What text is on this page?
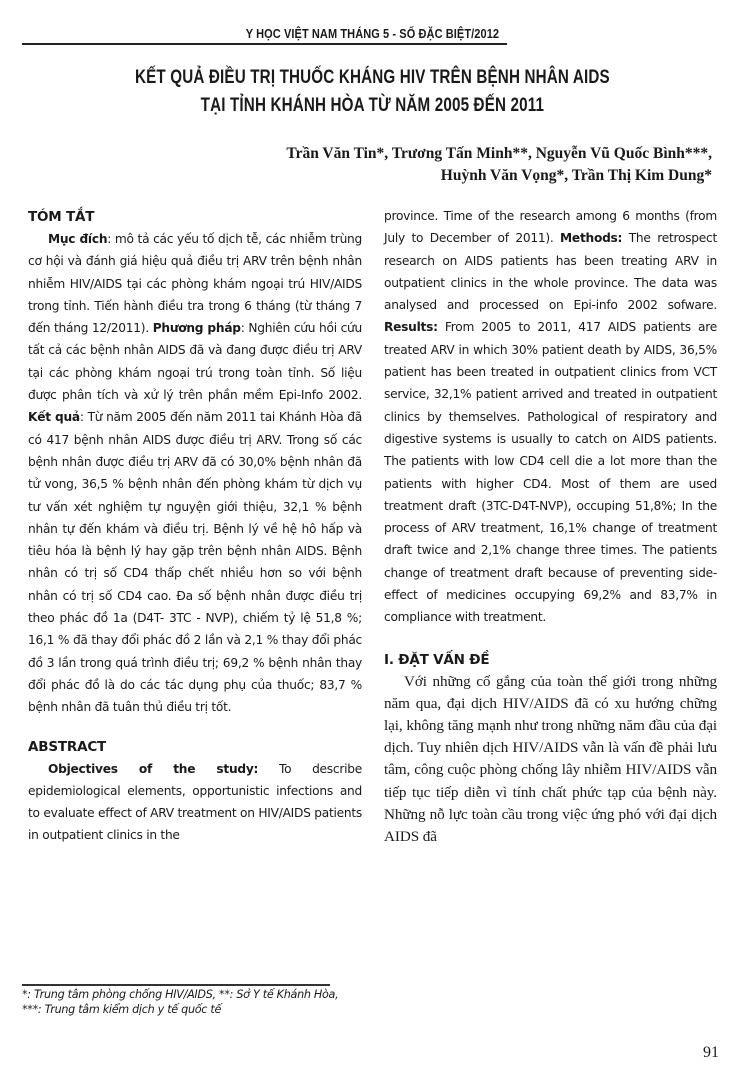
Y HỌC VIỆT NAM THÁNG 5 - SỐ ĐẶC BIỆT/2012
KẾT QUẢ ĐIỀU TRỊ THUỐC KHÁNG HIV TRÊN BỆNH NHÂN AIDS
TẠI TỈNH KHÁNH HÒA TỪ NĂM 2005 ĐẾN 2011
Trần Văn Tin*, Trương Tấn Minh**, Nguyễn Vũ Quốc Bình***,
Huỳnh Văn Vọng*, Trần Thị Kim Dung*
TÓM TẮT

Mục đích: mô tả các yếu tố dịch tễ, các nhiễm trùng cơ hội và đánh giá hiệu quả điều trị ARV trên bệnh nhân nhiễm HIV/AIDS tại các phòng khám ngoại trú HIV/AIDS trong tỉnh. Tiến hành điều tra trong 6 tháng (từ tháng 7 đến tháng 12/2011). Phương pháp: Nghiên cứu hồi cứu tất cả các bệnh nhân AIDS đã và đang được điều trị ARV tại các phòng khám ngoại trú trong toàn tỉnh. Số liệu được phân tích và xử lý trên phần mềm Epi-Info 2002. Kết quả: Từ năm 2005 đến năm 2011 tai Khánh Hòa đã có 417 bệnh nhân AIDS được điều trị ARV. Trong số các bệnh nhân được điều trị ARV đã có 30,0% bệnh nhân đã tử vong, 36,5 % bệnh nhân đến phòng khám từ dịch vụ tư vấn xét nghiệm tự nguyện giới thiệu, 32,1 % bệnh nhân tự đến khám và điều trị. Bệnh lý về hệ hô hấp và tiêu hóa là bệnh lý hay gặp trên bệnh nhân AIDS. Bệnh nhân có trị số CD4 thấp chết nhiều hơn so với bệnh nhân có trị số CD4 cao. Đa số bệnh nhân được điều trị theo phác đồ 1a (D4T- 3TC - NVP), chiếm tỷ lệ 51,8 %; 16,1 % đã thay đổi phác đồ 2 lần và 2,1 % thay đổi phác đồ 3 lần trong quá trình điều trị; 69,2 % bệnh nhân thay đổi phác đồ là do các tác dụng phụ của thuốc; 83,7 % bệnh nhân đã tuân thủ điều trị tốt.

ABSTRACT

Objectives of the study: To describe epidemiological elements, opportunistic infections and to evaluate effect of ARV treatment on HIV/AIDS patients in outpatient clinics in the

province. Time of the research among 6 months (from July to December of 2011). Methods: The retrospect research on AIDS patients has been treating ARV in outpatient clinics in the whole province. The data was analysed and processed on Epi-info 2002 sofware. Results: From 2005 to 2011, 417 AIDS patients are treated ARV in which 30% patient death by AIDS, 36,5% patient has been treated in outpatient clinics from VCT service, 32,1% patient arrived and treated in outpatient clinics by themselves. Pathological of respiratory and digestive systems is usually to catch on AIDS patients. The patients with low CD4 cell die a lot more than the patients with higher CD4. Most of them are used treatment draft (3TC-D4T-NVP), occuping 51,8%; In the process of ARV treatment, 16,1% change of treatment draft twice and 2,1% change three times. The patients change of treatment draft because of preventing side-effect of medicines occupying 69,2% and 83,7% in compliance with treatment.

I. ĐẶT VẤN ĐỀ

Với những cố gắng của toàn thế giới trong những năm qua, đại dịch HIV/AIDS đã có xu hướng chững lại, không tăng mạnh như trong những năm đầu của đại dịch. Tuy nhiên dịch HIV/AIDS vẫn là vấn đề phải lưu tâm, công cuộc phòng chống lây nhiễm HIV/AIDS vẫn tiếp tục tiếp diễn vì tính chất phức tạp của bệnh này. Những nỗ lực toàn cầu trong việc ứng phó với đại dịch AIDS đã

*: Trung tâm phòng chống HIV/AIDS, **: Sở Y tế Khánh Hòa,
***: Trung tâm kiểm dịch y tế quốc tế
91
